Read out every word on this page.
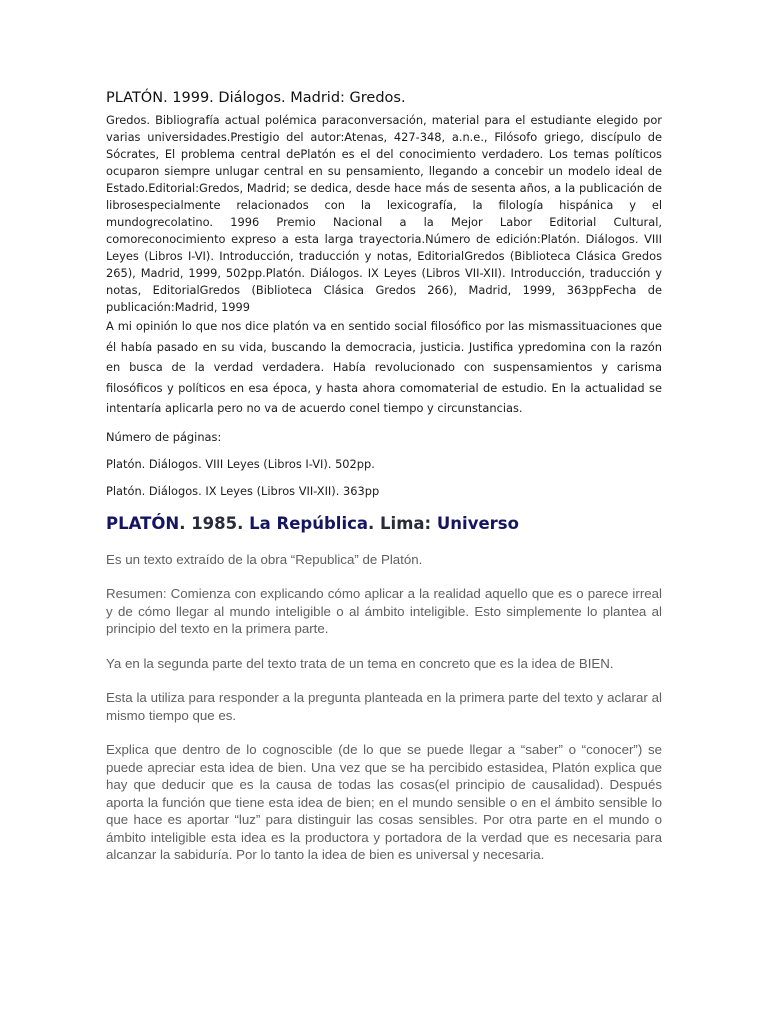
PLATÓN. 1999. Diálogos. Madrid: Gredos.

Gredos. Bibliografía actual polémica paraconversación, material para el estudiante elegido por varias universidades.Prestigio del autor:Atenas, 427-348, a.n.e., Filósofo griego, discípulo de Sócrates, El problema central dePlatón es el del conocimiento verdadero. Los temas políticos ocuparon siempre unlugar central en su pensamiento, llegando a concebir un modelo ideal de Estado.Editorial:Gredos, Madrid; se dedica, desde hace más de sesenta años, a la publicación de librosespecialmente relacionados con la lexicografía, la filología hispánica y el mundogrecolatino. 1996 Premio Nacional a la Mejor Labor Editorial Cultural, comoreconocimiento expreso a esta larga trayectoria.Número de edición:Platón. Diálogos. VIII Leyes (Libros I-VI). Introducción, traducción y notas, EditorialGredos (Biblioteca Clásica Gredos 265), Madrid, 1999, 502pp.Platón. Diálogos. IX Leyes (Libros VII-XII). Introducción, traducción y notas, EditorialGredos (Biblioteca Clásica Gredos 266), Madrid, 1999, 363ppFecha de publicación:Madrid, 1999

A mi opinión lo que nos dice platón va en sentido social filosófico por las mismassituaciones que él había pasado en su vida, buscando la democracia, justicia. Justifica ypredomina con la razón en busca de la verdad verdadera. Había revolucionado con suspensamientos y carisma filosóficos y políticos en esa época, y hasta ahora comomaterial de estudio. En la actualidad se intentaría aplicarla pero no va de acuerdo conel tiempo y circunstancias.

Número de páginas:

Platón. Diálogos. VIII Leyes (Libros I-VI). 502pp.

Platón. Diálogos. IX Leyes (Libros VII-XII). 363pp

PLATÓN. 1985. La República. Lima: Universo

Es un texto extraído de la obra “Republica” de Platón.

Resumen: Comienza con explicando cómo aplicar a la realidad aquello que es o parece irreal y de cómo llegar al mundo inteligible o al ámbito inteligible. Esto simplemente lo plantea al principio del texto en la primera parte.

Ya en la segunda parte del texto trata de un tema en concreto que es la idea de BIEN.

Esta la utiliza para responder a la pregunta planteada en la primera parte del texto y aclarar al mismo tiempo que es.

Explica que dentro de lo cognoscible (de lo que se puede llegar a “saber” o “conocer”) se puede apreciar esta idea de bien. Una vez que se ha percibido estasidea, Platón explica que hay que deducir que es la causa de todas las cosas(el principio de causalidad). Después aporta la función que tiene esta idea de bien; en el mundo sensible o en el ámbito sensible lo que hace es aportar “luz” para distinguir las cosas sensibles. Por otra parte en el mundo o ámbito inteligible esta idea es la productora y portadora de la verdad que es necesaria para alcanzar la sabiduría. Por lo tanto la idea de bien es universal y necesaria.
